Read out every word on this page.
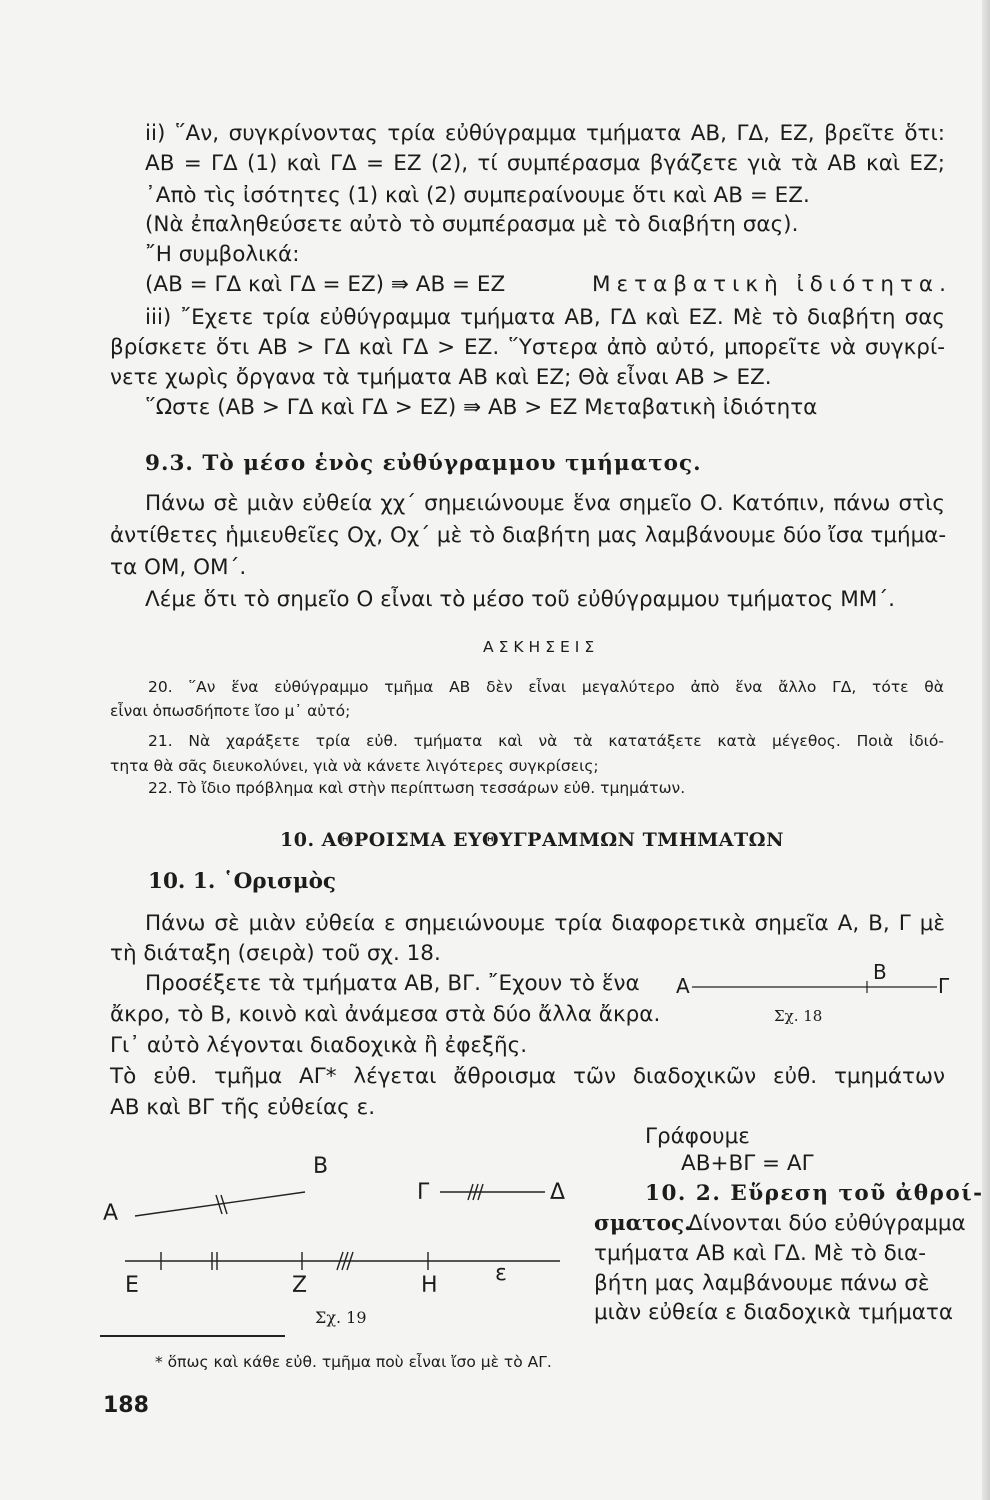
ii) ῞Αν, συγκρίνοντας τρία εὐθύγραμμα τμήματα ΑΒ, ΓΔ, ΕΖ, βρεῖτε ὅτι:
ΑΒ = ΓΔ (1) καὶ ΓΔ = ΕΖ (2), τί συμπέρασμα βγάζετε γιὰ τὰ ΑΒ καὶ ΕΖ;
᾿Απὸ τὶς ἰσότητες (1) καὶ (2) συμπεραίνουμε ὅτι καὶ ΑΒ = ΕΖ.
(Νὰ ἐπαληθεύσετε αὐτὸ τὸ συμπέρασμα μὲ τὸ διαβήτη σας).
῎Η συμβολικά:
(ΑΒ = ΓΔ καὶ ΓΔ = ΕΖ) ⇛ ΑΒ = ΕΖ	Μεταβατικὴ ἰδιότητα.
iii) ῎Εχετε τρία εὐθύγραμμα τμήματα ΑΒ, ΓΔ καὶ ΕΖ. Μὲ τὸ διαβήτη σας
βρίσκετε ὅτι ΑΒ > ΓΔ καὶ ΓΔ > ΕΖ. ῞Υστερα ἀπὸ αὐτό, μπορεῖτε νὰ συγκρί-
νετε χωρὶς ὄργανα τὰ τμήματα ΑΒ καὶ ΕΖ; Θὰ εἶναι ΑΒ > ΕΖ.
῞Ωστε (ΑΒ > ΓΔ καὶ ΓΔ > ΕΖ) ⇛ ΑΒ > ΕΖ Μεταβατικὴ ἰδιότητα
9.3. Τὸ μέσο ἑνὸς εὐθύγραμμου τμήματος.
Πάνω σὲ μιὰν εὐθεία χχ΄ σημειώνουμε ἕνα σημεῖο Ο. Κατόπιν, πάνω στὶς
ἀντίθετες ἡμιευθεῖες Οχ, Οχ΄ μὲ τὸ διαβήτη μας λαμβάνουμε δύο ἴσα τμήμα-
τα ΟΜ, ΟΜ΄.
Λέμε ὅτι τὸ σημεῖο Ο εἶναι τὸ μέσο τοῦ εὐθύγραμμου τμήματος ΜΜ΄.
ΑΣΚΗΣΕΙΣ
20. ῞Αν ἕνα εὐθύγραμμο τμῆμα ΑΒ δὲν εἶναι μεγαλύτερο ἀπὸ ἕνα ἄλλο ΓΔ, τότε θὰ
εἶναι ὁπωσδήποτε ἴσο μ᾿ αὐτό;
21. Νὰ χαράξετε τρία εὐθ. τμήματα καὶ νὰ τὰ κατατάξετε κατὰ μέγεθος. Ποιὰ ἰδιό-
τητα θὰ σᾶς διευκολύνει, γιὰ νὰ κάνετε λιγότερες συγκρίσεις;
22. Τὸ ἴδιο πρόβλημα καὶ στὴν περίπτωση τεσσάρων εὐθ. τμημάτων.
10. ΑΘΡΟΙΣΜΑ ΕΥΘΥΓΡΑΜΜΩΝ ΤΜΗΜΑΤΩΝ
10. 1. ῾Ορισμὸς
Πάνω σὲ μιὰν εὐθεία ε σημειώνουμε τρία διαφορετικὰ σημεῖα Α, Β, Γ μὲ
τὴ διάταξη (σειρὰ) τοῦ σχ. 18.
Προσέξετε τὰ τμήματα ΑΒ, ΒΓ. ῎Εχουν τὸ ἕνα
ἄκρο, τὸ Β, κοινὸ καὶ ἀνάμεσα στὰ δύο ἄλλα ἄκρα.
Γι᾿ αὐτὸ λέγονται διαδοχικὰ ἢ ἐφεξῆς.
Τὸ εὐθ. τμῆμα ΑΓ* λέγεται ἄθροισμα τῶν διαδοχικῶν εὐθ. τμημάτων
ΑΒ καὶ ΒΓ τῆς εὐθείας ε.
Α
Β
Γ
Σχ. 18
Γράφουμε
ΑΒ+ΒΓ = ΑΓ
10. 2. Εὕρεση τοῦ ἀθροί-
σματος.
Δίνονται δύο εὐθύγραμμα
τμήματα ΑΒ καὶ ΓΔ. Μὲ τὸ δια-
βήτη μας λαμβάνουμε πάνω σὲ
μιὰν εὐθεία ε διαδοχικὰ τμήματα
Α
Β
Γ	Δ
Ε	Ζ	Η	ε
Σχ. 19
* ὅπως καὶ κάθε εὐθ. τμῆμα ποὺ εἶναι ἴσο μὲ τὸ ΑΓ.
188
